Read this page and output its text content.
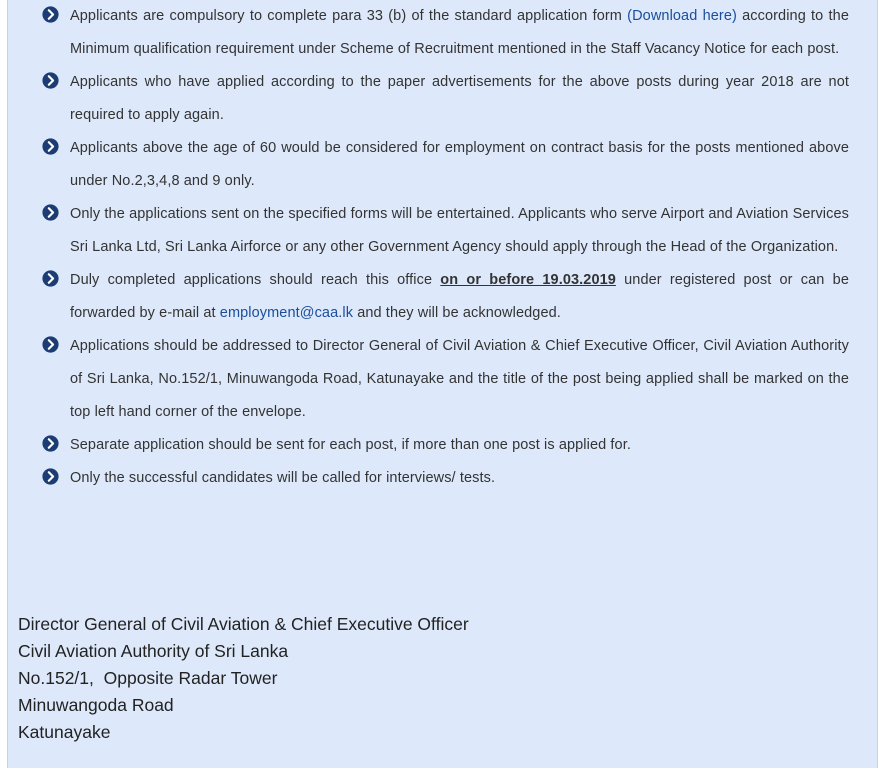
Applicants are compulsory to complete para 33 (b) of the standard application form (Download here) according to the Minimum qualification requirement under Scheme of Recruitment mentioned in the Staff Vacancy Notice for each post.
Applicants who have applied according to the paper advertisements for the above posts during year 2018 are not required to apply again.
Applicants above the age of 60 would be considered for employment on contract basis for the posts mentioned above under No.2,3,4,8 and 9 only.
Only the applications sent on the specified forms will be entertained. Applicants who serve Airport and Aviation Services Sri Lanka Ltd, Sri Lanka Airforce or any other Government Agency should apply through the Head of the Organization.
Duly completed applications should reach this office on or before 19.03.2019 under registered post or can be forwarded by e-mail at employment@caa.lk and they will be acknowledged.
Applications should be addressed to Director General of Civil Aviation & Chief Executive Officer, Civil Aviation Authority of Sri Lanka, No.152/1, Minuwangoda Road, Katunayake and the title of the post being applied shall be marked on the top left hand corner of the envelope.
Separate application should be sent for each post, if more than one post is applied for.
Only the successful candidates will be called for interviews/ tests.
Director General of Civil Aviation & Chief Executive Officer
Civil Aviation Authority of Sri Lanka
No.152/1,  Opposite Radar Tower
Minuwangoda Road
Katunayake
